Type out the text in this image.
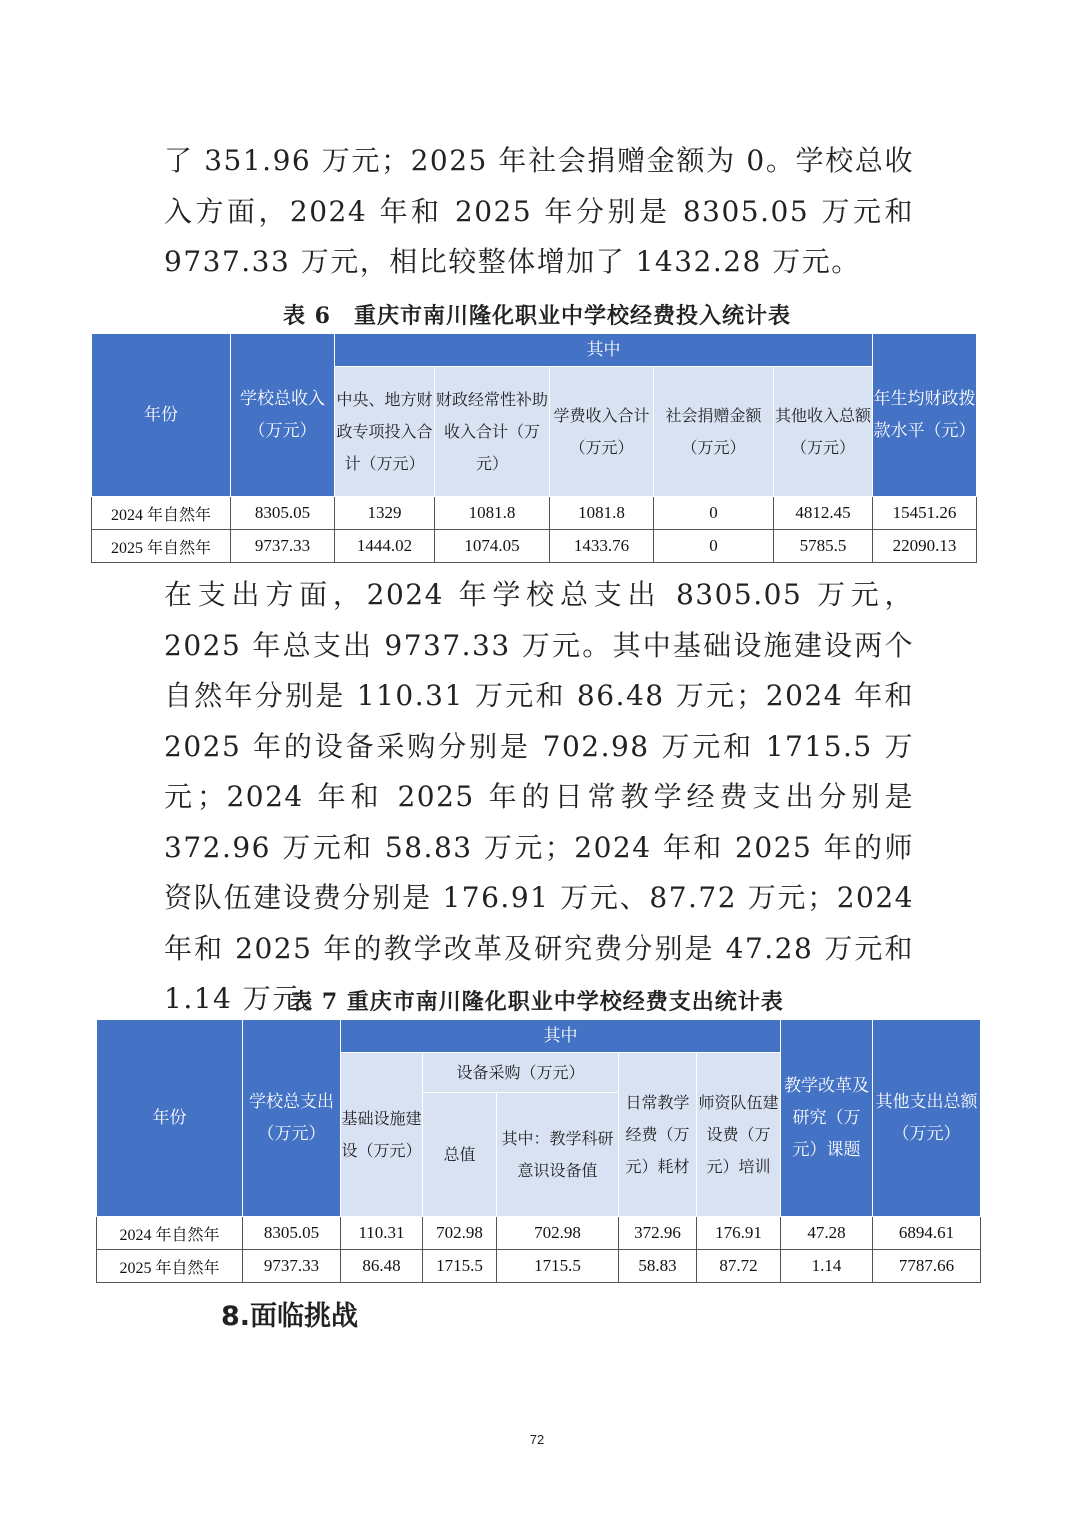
了 351.96 万元；2025 年社会捐赠金额为 0。学校总收入方面，2024 年和 2025 年分别是 8305.05 万元和 9737.33 万元，相比较整体增加了 1432.28 万元。

表 6　重庆市南川隆化职业中学校经费投入统计表

年份	学校总收入（万元）	其中					年生均财政拨款水平（元）
		中央、地方财政专项投入合计（万元）	财政经常性补助收入合计（万元）	学费收入合计（万元）	社会捐赠金额（万元）	其他收入总额（万元）	
2024 年自然年	8305.05	1329	1081.8	1081.8	0	4812.45	15451.26
2025 年自然年	9737.33	1444.02	1074.05	1433.76	0	5785.5	22090.13

在支出方面，2024 年学校总支出 8305.05 万元，2025 年总支出 9737.33 万元。其中基础设施建设两个自然年分别是 110.31 万元和 86.48 万元；2024 年和 2025 年的设备采购分别是 702.98 万元和 1715.5 万元；2024 年和 2025 年的日常教学经费支出分别是 372.96 万元和 58.83 万元；2024 年和 2025 年的师资队伍建设费分别是 176.91 万元、87.72 万元；2024 年和 2025 年的教学改革及研究费分别是 47.28 万元和 1.14 万元。

表 7 重庆市南川隆化职业中学校经费支出统计表

年份	学校总支出（万元）	其中					教学改革及研究（万元）课题	其他支出总额（万元）
		基础设施建设（万元）	设备采购（万元）		日常教学经费（万元）耗材	师资队伍建设费（万元）培训		
			总值	其中：教学科研意识设备值				
2024 年自然年	8305.05	110.31	702.98	702.98	372.96	176.91	47.28	6894.61
2025 年自然年	9737.33	86.48	1715.5	1715.5	58.83	87.72	1.14	7787.66

8.面临挑战

72
